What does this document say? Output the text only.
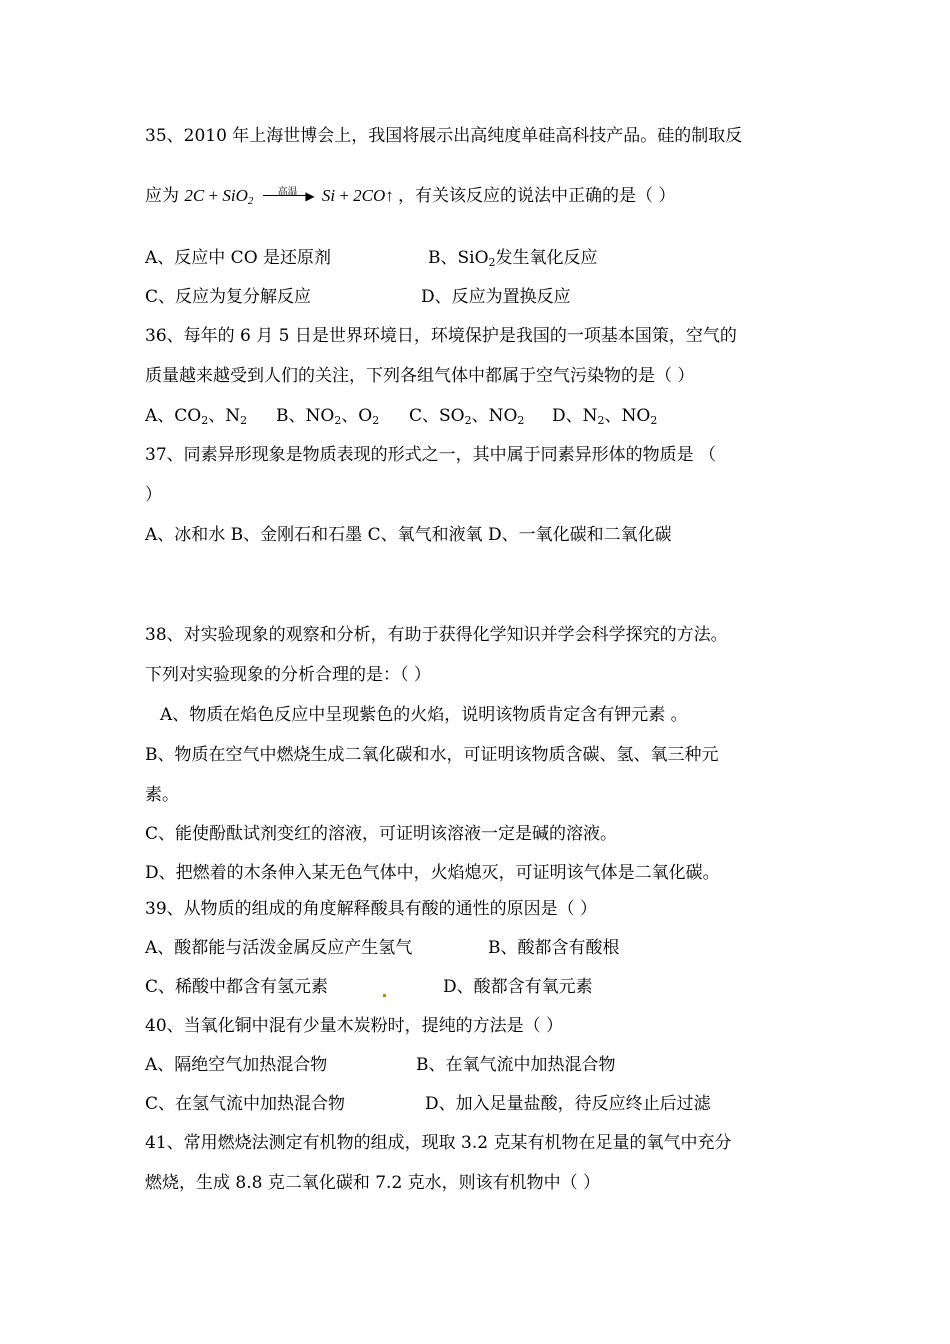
35、2010 年上海世博会上，我国将展示出高纯度单硅高科技产品。硅的制取反
应为 2C + SiO$_2$
高温 ▶ Si + 2CO↑ ，有关该反应的说法中正确的是（ ）
A、反应中 CO 是还原剂	B、SiO$_2$发生氧化反应
C、反应为复分解反应	D、反应为置换反应
36、每年的 6 月 5 日是世界环境日，环境保护是我国的一项基本国策，空气的
质量越来越受到人们的关注，下列各组气体中都属于空气污染物的是（ ）
A、$CO_2$、$N_2$ B、$NO_2$、$O_2$ C、$SO_2$、$NO_2$ D、$N_2$、$NO_2$
37、同素异形现象是物质表现的形式之一，其中属于同素异形体的物质是 （
）
A、冰和水 B、金刚石和石墨 C、氧气和液氧 D、一氧化碳和二氧化碳
38、对实验现象的观察和分析，有助于获得化学知识并学会科学探究的方法。
下列对实验现象的分析合理的是：（ ）
A、物质在焰色反应中呈现紫色的火焰，说明该物质肯定含有钾元素 。
B、物质在空气中燃烧生成二氧化碳和水，可证明该物质含碳、氢、氧三种元
素。
C、能使酚酞试剂变红的溶液，可证明该溶液一定是碱的溶液。
D、把燃着的木条伸入某无色气体中，火焰熄灭，可证明该气体是二氧化碳。
39、从物质的组成的角度解释酸具有酸的通性的原因是（ ）
A、酸都能与活泼金属反应产生氢气	B、酸都含有酸根
C、稀酸中都含有氢元素	D、酸都含有氧元素
40、当氧化铜中混有少量木炭粉时，提纯的方法是（ ）
A、隔绝空气加热混合物	B、在氧气流中加热混合物
C、在氢气流中加热混合物	D、加入足量盐酸，待反应终止后过滤
41、常用燃烧法测定有机物的组成，现取 3.2 克某有机物在足量的氧气中充分
燃烧，生成 8.8 克二氧化碳和 7.2 克水，则该有机物中（ ）
